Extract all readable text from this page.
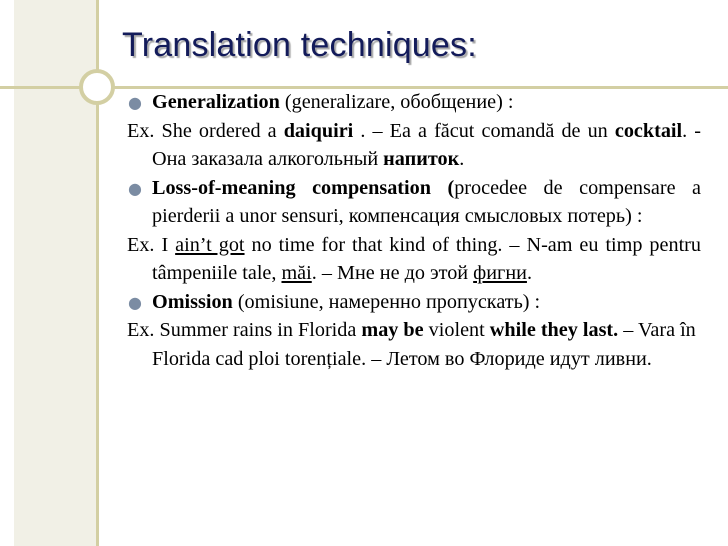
Translation techniques:
● Generalization (generalizare, обобщение) :
Ex. She ordered a daiquiri . – Ea a făcut comandă de un cocktail. - Она заказала алкогольный напиток.
● Loss-of-meaning compensation (procedee de compensare a pierderii a unor sensuri, компенсация смысловых потерь) :
Ex. I ain’t got no time for that kind of thing. – N-am eu timp pentru tâmpeniile tale, măi. – Мне не до этой фигни.
● Omission (omisiune, намеренно пропускать) :
Ex. Summer rains in Florida may be violent while they last. – Vara în Florida cad ploi torențiale. – Летом во Флориде идут ливни.
